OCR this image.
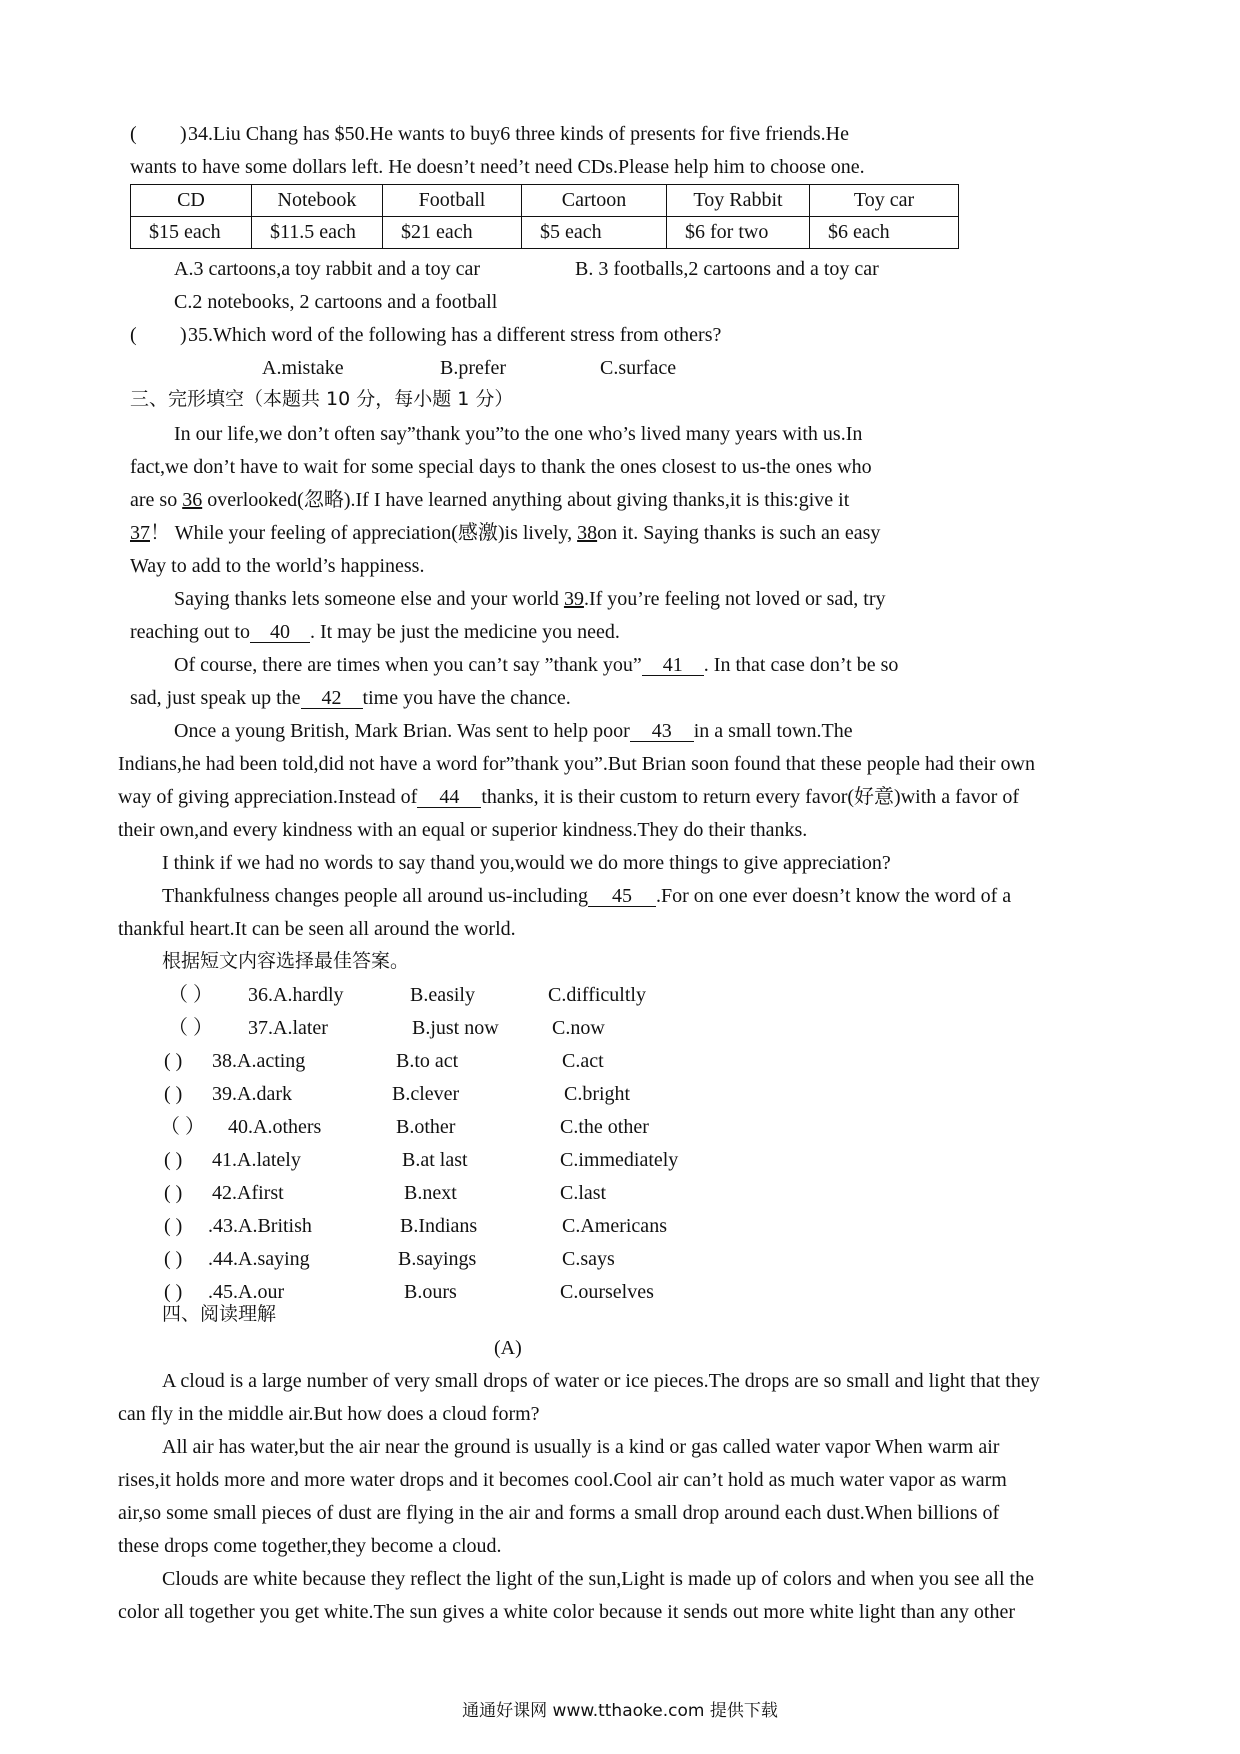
( ) 34.Liu Chang has $50.He wants to buy6 three kinds of presents for five friends.He
wants to have some dollars left. He doesn’t need’t need CDs.Please help him to choose one.
CD	Notebook	Football	Cartoon	Toy Rabbit	Toy car
$15 each	$11.5 each	$21 each	$5 each	$6 for two	$6 each
A.3 cartoons,a toy rabbit and a toy car	B. 3 footballs,2 cartoons and a toy car
C.2 notebooks, 2 cartoons and a football
( ) 35.Which word of the following has a different stress from others?
A.mistake	B.prefer	C.surface
三、完形填空（本题共 10 分，每小题 1 分）
In our life,we don’t often say”thank you”to the one who’s lived many years with us.In
fact,we don’t have to wait for some special days to thank the ones closest to us-the ones who
are so 36 overlooked(忽略).If I have learned anything about giving thanks,it is this:give it
37！ While your feeling of appreciation(感激)is lively, 38on it. Saying thanks is such an easy
Way to add to the world’s happiness.
Saying thanks lets someone else and your world 39.If you’re feeling not loved or sad, try
reaching out to 40 . It may be just the medicine you need.
Of course, there are times when you can’t say ”thank you” 41 . In that case don’t be so
sad, just speak up the 42 time you have the chance.
Once a young British, Mark Brian. Was sent to help poor 43 in a small town.The
Indians,he had been told,did not have a word for”thank you”.But Brian soon found that these people had their own
way of giving appreciation.Instead of 44 thanks, it is their custom to return every favor(好意)with a favor of
their own,and every kindness with an equal or superior kindness.They do their thanks.
I think if we had no words to say thand you,would we do more things to give appreciation?
Thankfulness changes people all around us-including 45 .For on one ever doesn’t know the word of a
thankful heart.It can be seen all around the world.
根据短文内容选择最佳答案。
（ ） 36.A.hardly	B.easily	C.difficultly
（ ） 37.A.later	B.just now	C.now
( ) 38.A.acting	B.to act	C.act
( ) 39.A.dark	B.clever	C.bright
（ ） 40.A.others	B.other	C.the other
( ) 41.A.lately	B.at last	C.immediately
( ) 42.Afirst	B.next	C.last
( ) .43.A.British	B.Indians	C.Americans
( ) .44.A.saying	B.sayings	C.says
( ) .45.A.our	B.ours	C.ourselves
四、阅读理解
(A)
A cloud is a large number of very small drops of water or ice pieces.The drops are so small and light that they
can fly in the middle air.But how does a cloud form?
All air has water,but the air near the ground is usually is a kind or gas called water vapor When warm air
rises,it holds more and more water drops and it becomes cool.Cool air can’t hold as much water vapor as warm
air,so some small pieces of dust are flying in the air and forms a small drop around each dust.When billions of
these drops come together,they become a cloud.
Clouds are white because they reflect the light of the sun,Light is made up of colors and when you see all the
color all together you get white.The sun gives a white color because it sends out more white light than any other
通通好课网 www.tthaoke.com 提供下载
